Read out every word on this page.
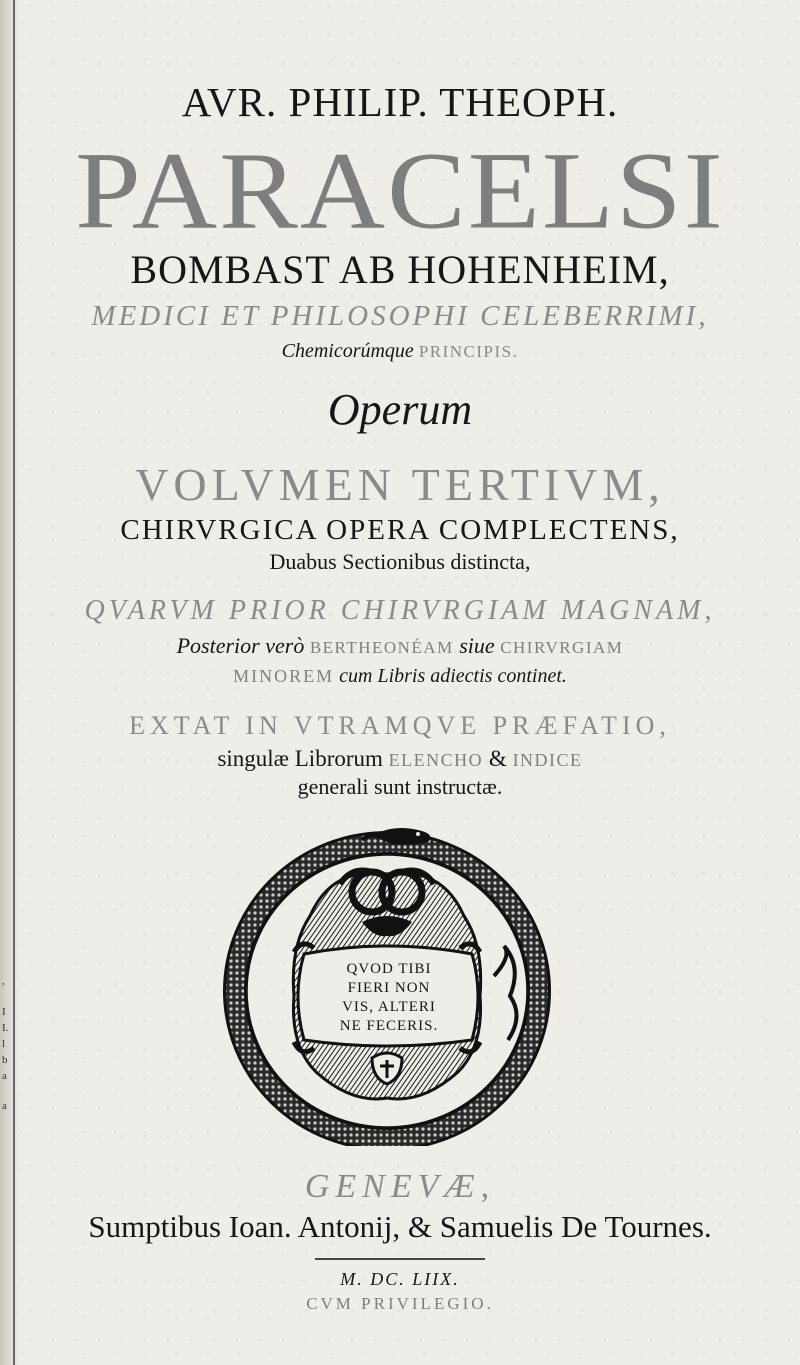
,
I
I.
l
b
a
a
AVR. PHILIP. THEOPH.
PARACELSI
BOMBAST AB HOHENHEIM,
MEDICI ET PHILOSOPHI CELEBERRIMI,
Chemicorúmque PRINCIPIS.
Operum
VOLVMEN TERTIVM,
CHIRVRGICA OPERA COMPLECTENS,
Duabus Sectionibus distincta,
QVARVM PRIOR CHIRVRGIAM MAGNAM,
Posterior verò BERTHEONÉAM siue CHIRVRGIAM
MINOREM cum Libris adiectis continet.
EXTAT IN VTRAMQVE PRÆFATIO,
singulæ Librorum ELENCHO & INDICE
generali sunt instructæ.
QVOD TIBI
FIERI NON
VIS, ALTERI
NE FECERIS.
GENEVÆ,
Sumptibus Ioan. Antonij, & Samuelis De Tournes.
M. DC. LIIX.
CVM PRIVILEGIO.
